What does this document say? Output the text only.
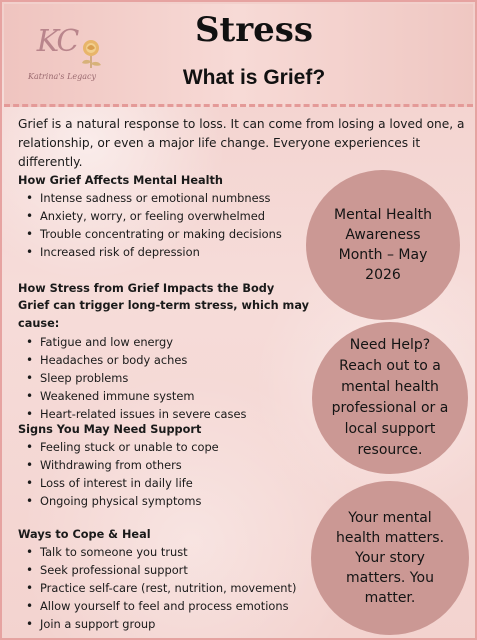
KC
Katrina's Legacy
Stress
What is Grief?

Grief is a natural response to loss. It can come from losing a loved one, a relationship, or even a major life change. Everyone experiences it differently.

How Grief Affects Mental Health
• Intense sadness or emotional numbness
• Anxiety, worry, or feeling overwhelmed
• Trouble concentrating or making decisions
• Increased risk of depression
How Stress from Grief Impacts the Body

Grief can trigger long-term stress, which may cause:

• Fatigue and low energy
• Headaches or body aches
• Sleep problems
• Weakened immune system
• Heart-related issues in severe cases
Signs You May Need Support
• Feeling stuck or unable to cope
• Withdrawing from others
• Loss of interest in daily life
• Ongoing physical symptoms
Ways to Cope & Heal
• Talk to someone you trust
• Seek professional support
• Practice self-care (rest, nutrition, movement)
• Allow yourself to feel and process emotions
• Join a support group
Mental Health Awareness Month – May 2026
Need Help? Reach out to a mental health professional or a local support resource.
Your mental health matters. Your story matters. You matter.
